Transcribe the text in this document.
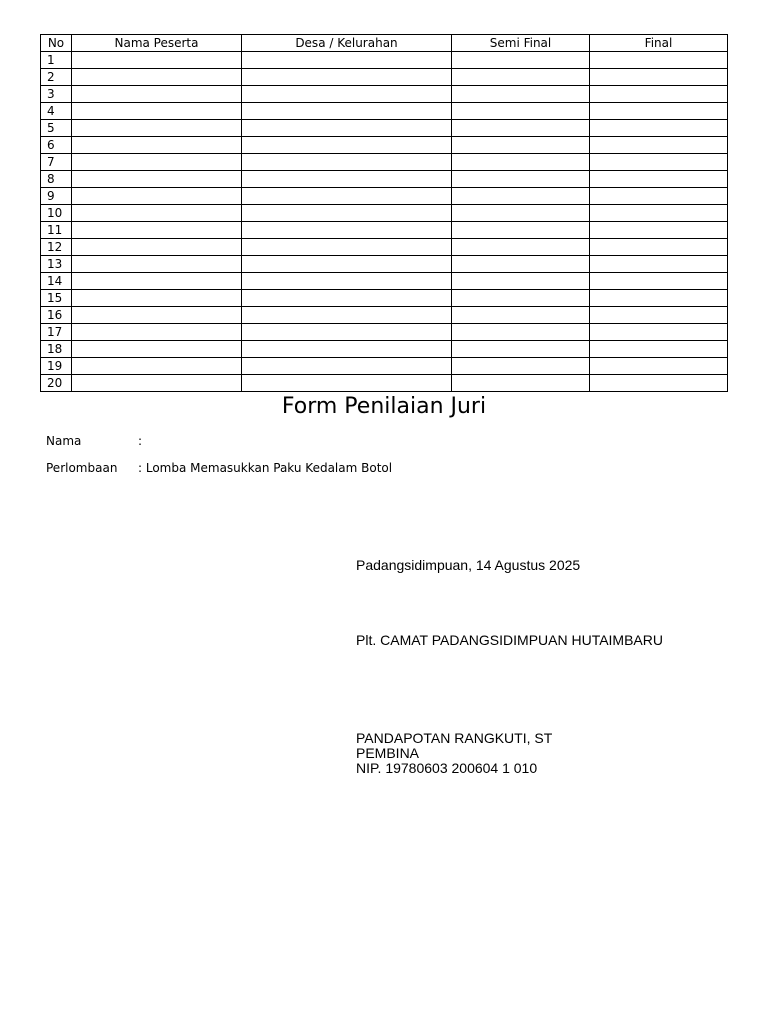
No	Nama Peserta	Desa / Kelurahan	Semi Final	Final
1				
2				
3				
4				
5				
6				
7				
8				
9				
10				
11				
12				
13				
14				
15				
16				
17				
18				
19				
20				
Form Penilaian Juri
Nama	:
Perlombaan : Lomba Memasukkan Paku Kedalam Botol
Padangsidimpuan, 14 Agustus 2025
Plt. CAMAT PADANGSIDIMPUAN HUTAIMBARU
PANDAPOTAN RANGKUTI, ST
PEMBINA
NIP. 19780603 200604 1 010
